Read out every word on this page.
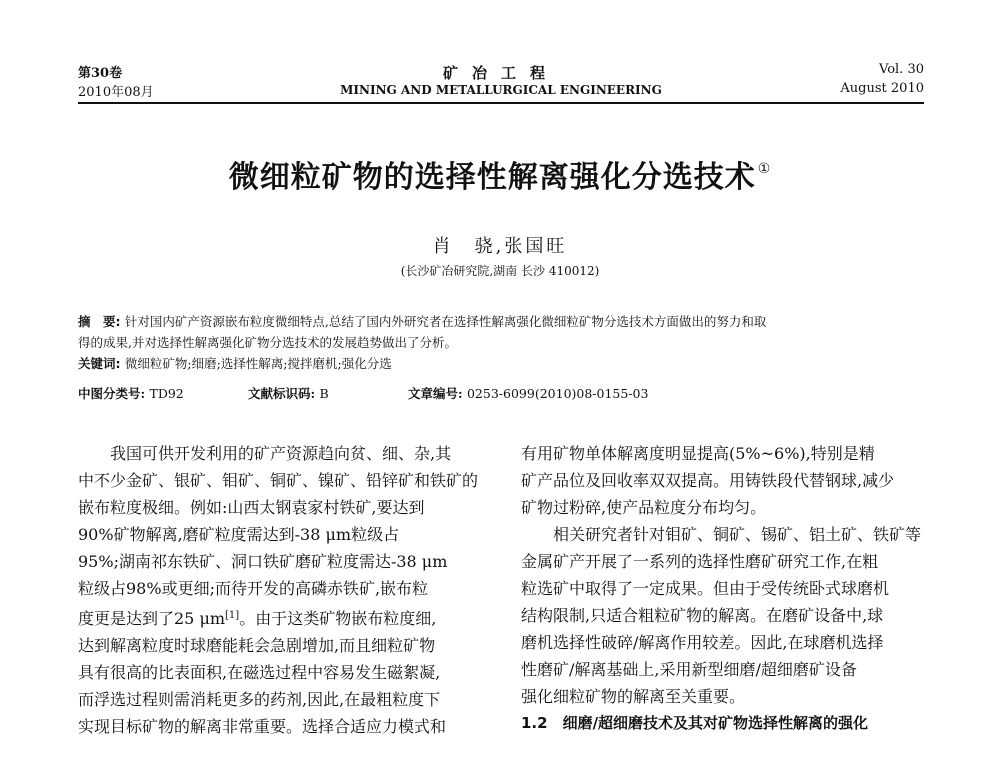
第30卷
2010年08月
矿冶工程
MINING AND METALLURGICAL ENGINEERING
Vol. 30
August 2010
微细粒矿物的选择性解离强化分选技术 ①
肖　骁,张国旺
(长沙矿冶研究院,湖南 长沙 410012)
摘　要: 针对国内矿产资源嵌布粒度微细特点,总结了国内外研究者在选择性解离强化微细粒矿物分选技术方面做出的努力和取
得的成果,并对选择性解离强化矿物分选技术的发展趋势做出了分析。
关键词: 微细粒矿物;细磨;选择性解离;搅拌磨机;强化分选
中图分类号: TD92	文献标识码: B	文章编号: 0253-6099(2010)08-0155-03
我国可供开发利用的矿产资源趋向贫、细、杂,其
中不少金矿、银矿、钼矿、铜矿、镍矿、铅锌矿和铁矿的
嵌布粒度极细。例如:山西太钢袁家村铁矿,要达到
90%矿物解离,磨矿粒度需达到-38 μm粒级占
95%;湖南祁东铁矿、洞口铁矿磨矿粒度需达-38 μm
粒级占98%或更细;而待开发的高磷赤铁矿,嵌布粒
度更是达到了25 μm[1]。由于这类矿物嵌布粒度细,
达到解离粒度时球磨能耗会急剧增加,而且细粒矿物
具有很高的比表面积,在磁选过程中容易发生磁絮凝,
而浮选过程则需消耗更多的药剂,因此,在最粗粒度下
实现目标矿物的解离非常重要。选择合适应力模式和
有用矿物单体解离度明显提高(5%~6%),特别是精
矿产品位及回收率双双提高。用铸铁段代替钢球,减少
矿物过粉碎,使产品粒度分布均匀。
相关研究者针对钼矿、铜矿、锡矿、铝土矿、铁矿等
金属矿产开展了一系列的选择性磨矿研究工作,在粗
粒选矿中取得了一定成果。但由于受传统卧式球磨机
结构限制,只适合粗粒矿物的解离。在磨矿设备中,球
磨机选择性破碎/解离作用较差。因此,在球磨机选择
性磨矿/解离基础上,采用新型细磨/超细磨矿设备
强化细粒矿物的解离至关重要。
1.2　细磨/超细磨技术及其对矿物选择性解离的强化
